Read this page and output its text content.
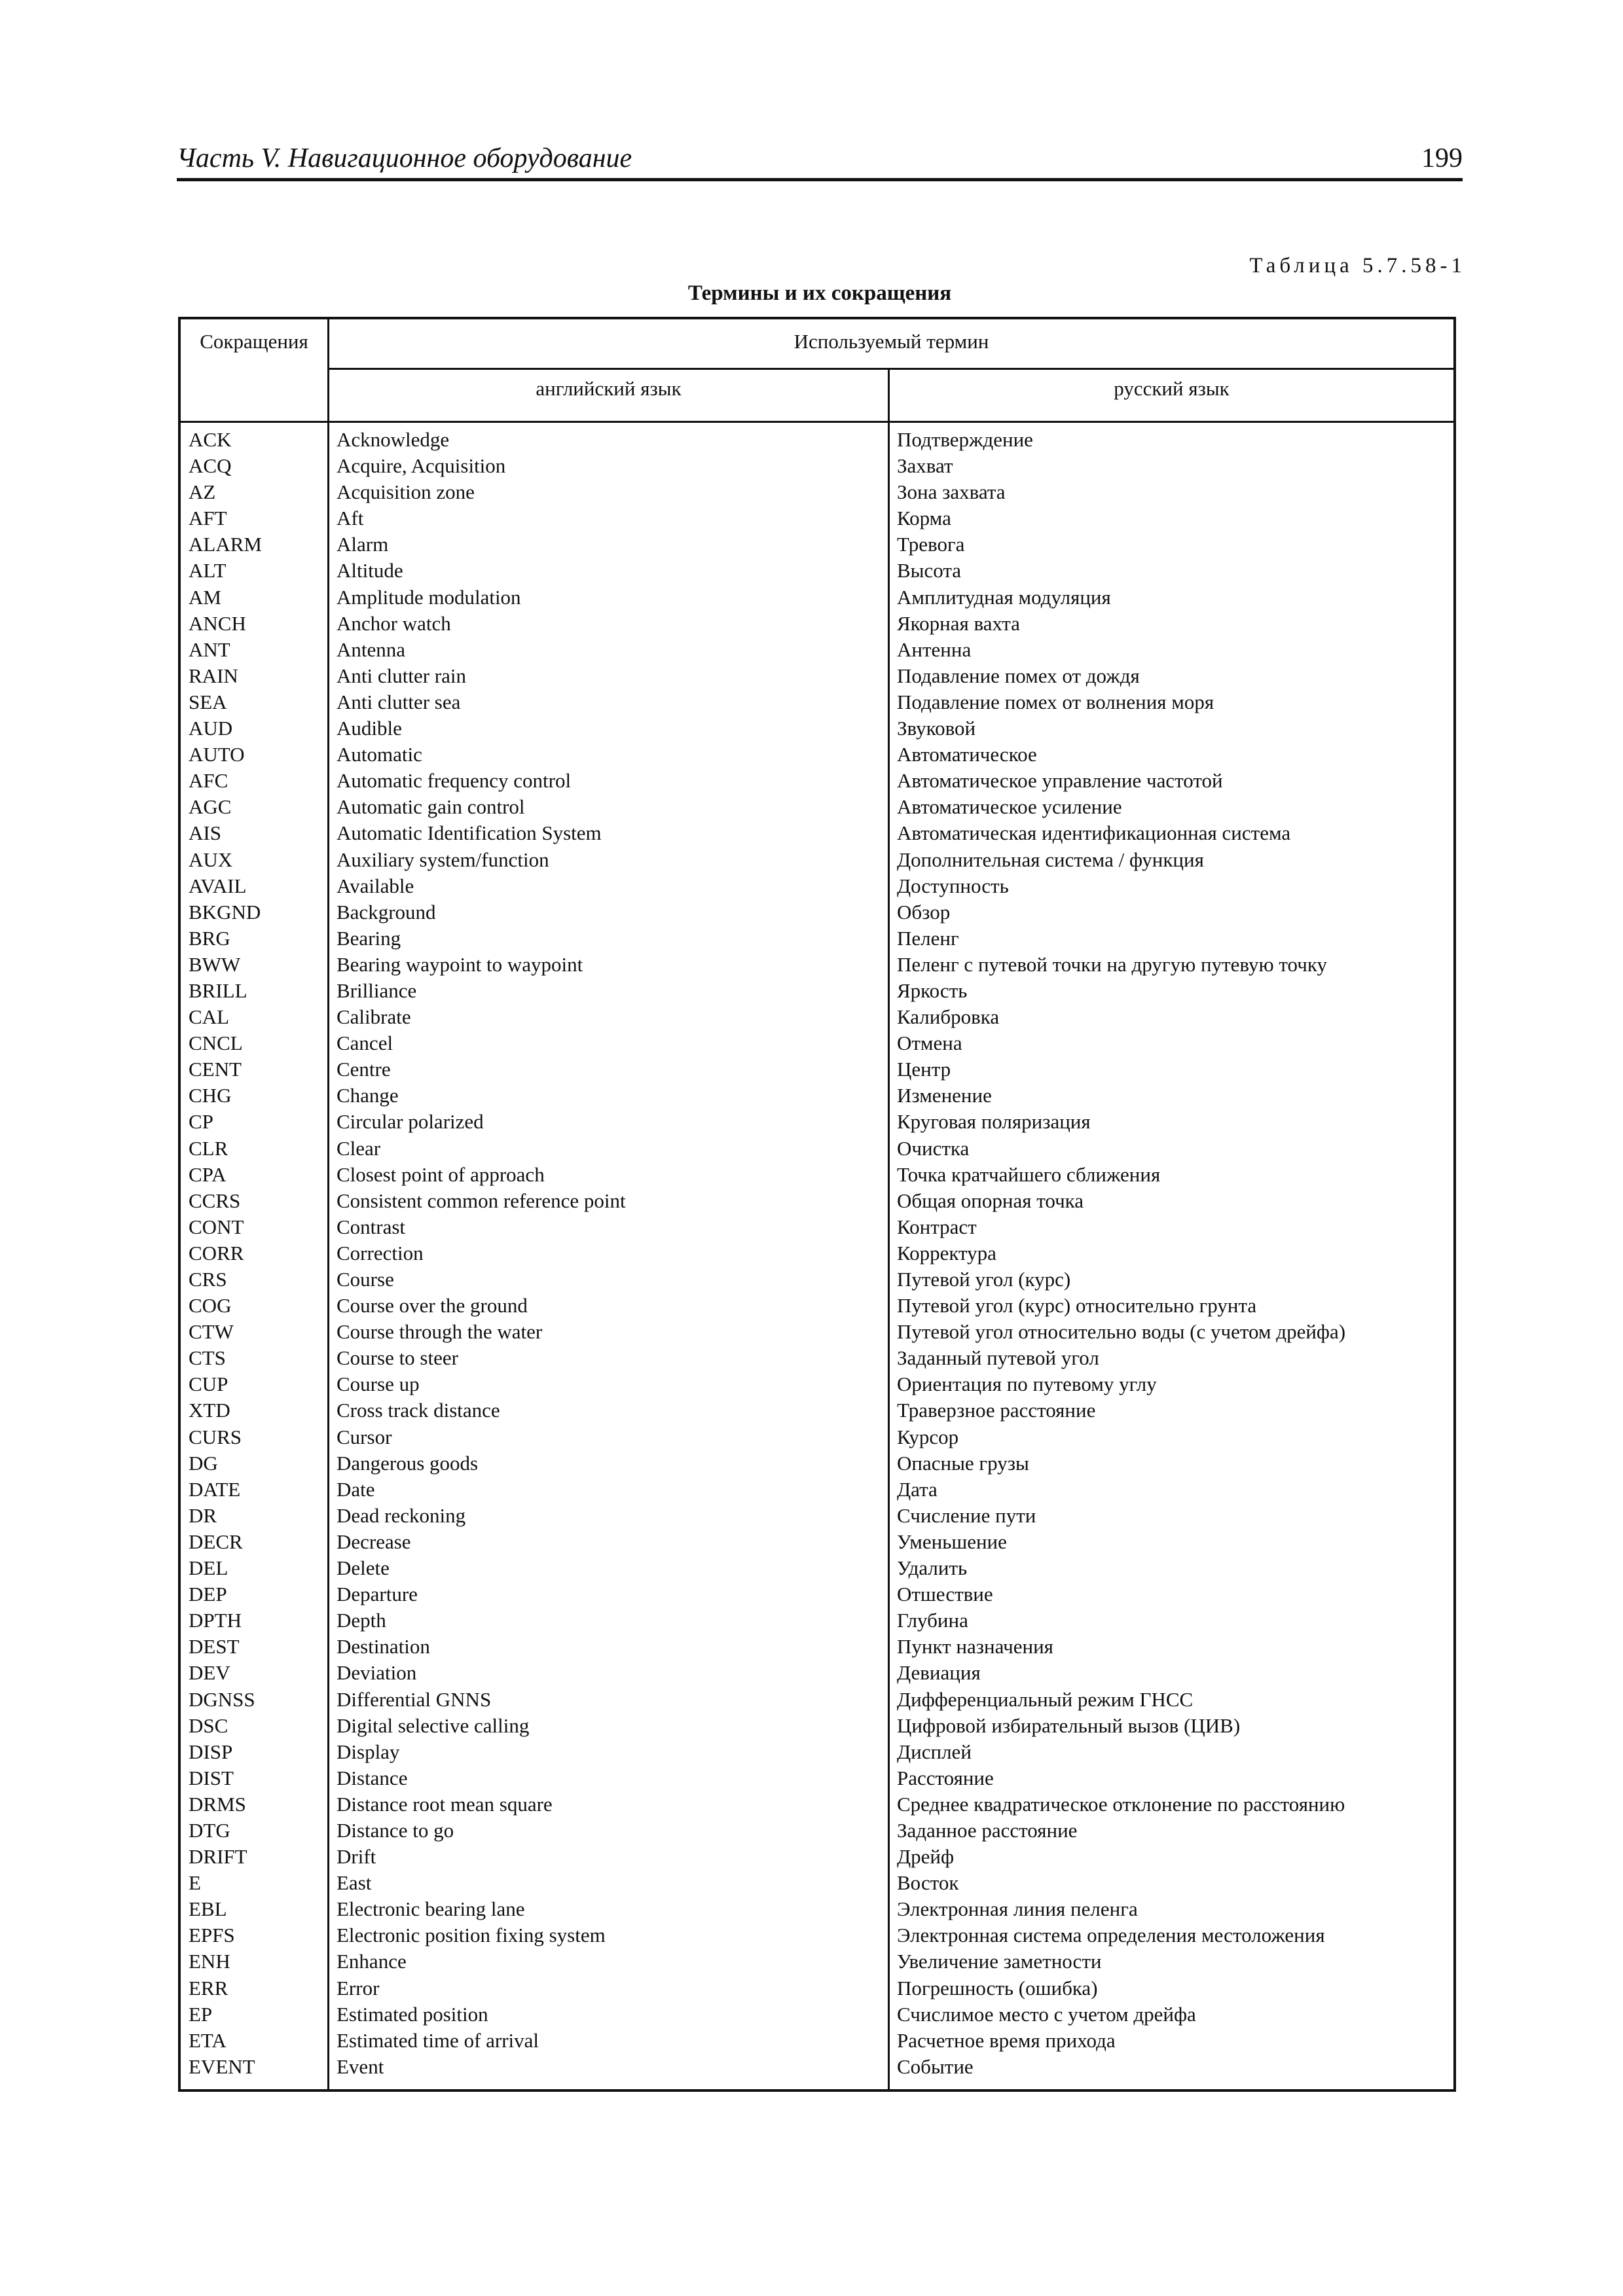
Часть V. Навигационное оборудование	199
Таблица 5.7.58-1
Термины и их сокращения
Сокращения	Используемый термин
английский язык	русский язык
ACK	Acknowledge	Подтверждение
ACQ	Acquire, Acquisition	Захват
AZ	Acquisition zone	Зона захвата
AFT	Aft	Корма
ALARM	Alarm	Тревога
ALT	Altitude	Высота
AM	Amplitude modulation	Амплитудная модуляция
ANCH	Anchor watch	Якорная вахта
ANT	Antenna	Антенна
RAIN	Anti clutter rain	Подавление помех от дождя
SEA	Anti clutter sea	Подавление помех от волнения моря
AUD	Audible	Звуковой
AUTO	Automatic	Автоматическое
AFC	Automatic frequency control	Автоматическое управление частотой
AGC	Automatic gain control	Автоматическое усиление
AIS	Automatic Identification System	Автоматическая идентификационная система
AUX	Auxiliary system/function	Дополнительная система / функция
AVAIL	Available	Доступность
BKGND	Background	Обзор
BRG	Bearing	Пеленг
BWW	Bearing waypoint to waypoint	Пеленг с путевой точки на другую путевую точку
BRILL	Brilliance	Яркость
CAL	Calibrate	Калибровка
CNCL	Cancel	Отмена
CENT	Centre	Центр
CHG	Change	Изменение
CP	Circular polarized	Круговая поляризация
CLR	Clear	Очистка
CPA	Closest point of approach	Точка кратчайшего сближения
CCRS	Consistent common reference point	Общая опорная точка
CONT	Contrast	Контраст
CORR	Correction	Корректура
CRS	Course	Путевой угол (курс)
COG	Course over the ground	Путевой угол (курс) относительно грунта
CTW	Course through the water	Путевой угол относительно воды (с учетом дрейфа)
CTS	Course to steer	Заданный путевой угол
CUP	Course up	Ориентация по путевому углу
XTD	Cross track distance	Траверзное расстояние
CURS	Cursor	Курсор
DG	Dangerous goods	Опасные грузы
DATE	Date	Дата
DR	Dead reckoning	Счисление пути
DECR	Decrease	Уменьшение
DEL	Delete	Удалить
DEP	Departure	Отшествие
DPTH	Depth	Глубина
DEST	Destination	Пункт назначения
DEV	Deviation	Девиация
DGNSS	Differential GNNS	Дифференциальный режим ГНСС
DSC	Digital selective calling	Цифровой избирательный вызов (ЦИВ)
DISP	Display	Дисплей
DIST	Distance	Расстояние
DRMS	Distance root mean square	Среднее квадратическое отклонение по расстоянию
DTG	Distance to go	Заданное расстояние
DRIFT	Drift	Дрейф
E	East	Восток
EBL	Electronic bearing lane	Электронная линия пеленга
EPFS	Electronic position fixing system	Электронная система определения местоложения
ENH	Enhance	Увеличение заметности
ERR	Error	Погрешность (ошибка)
EP	Estimated position	Счислимое место с учетом дрейфа
ETA	Estimated time of arrival	Расчетное время прихода
EVENT	Event	Событие
